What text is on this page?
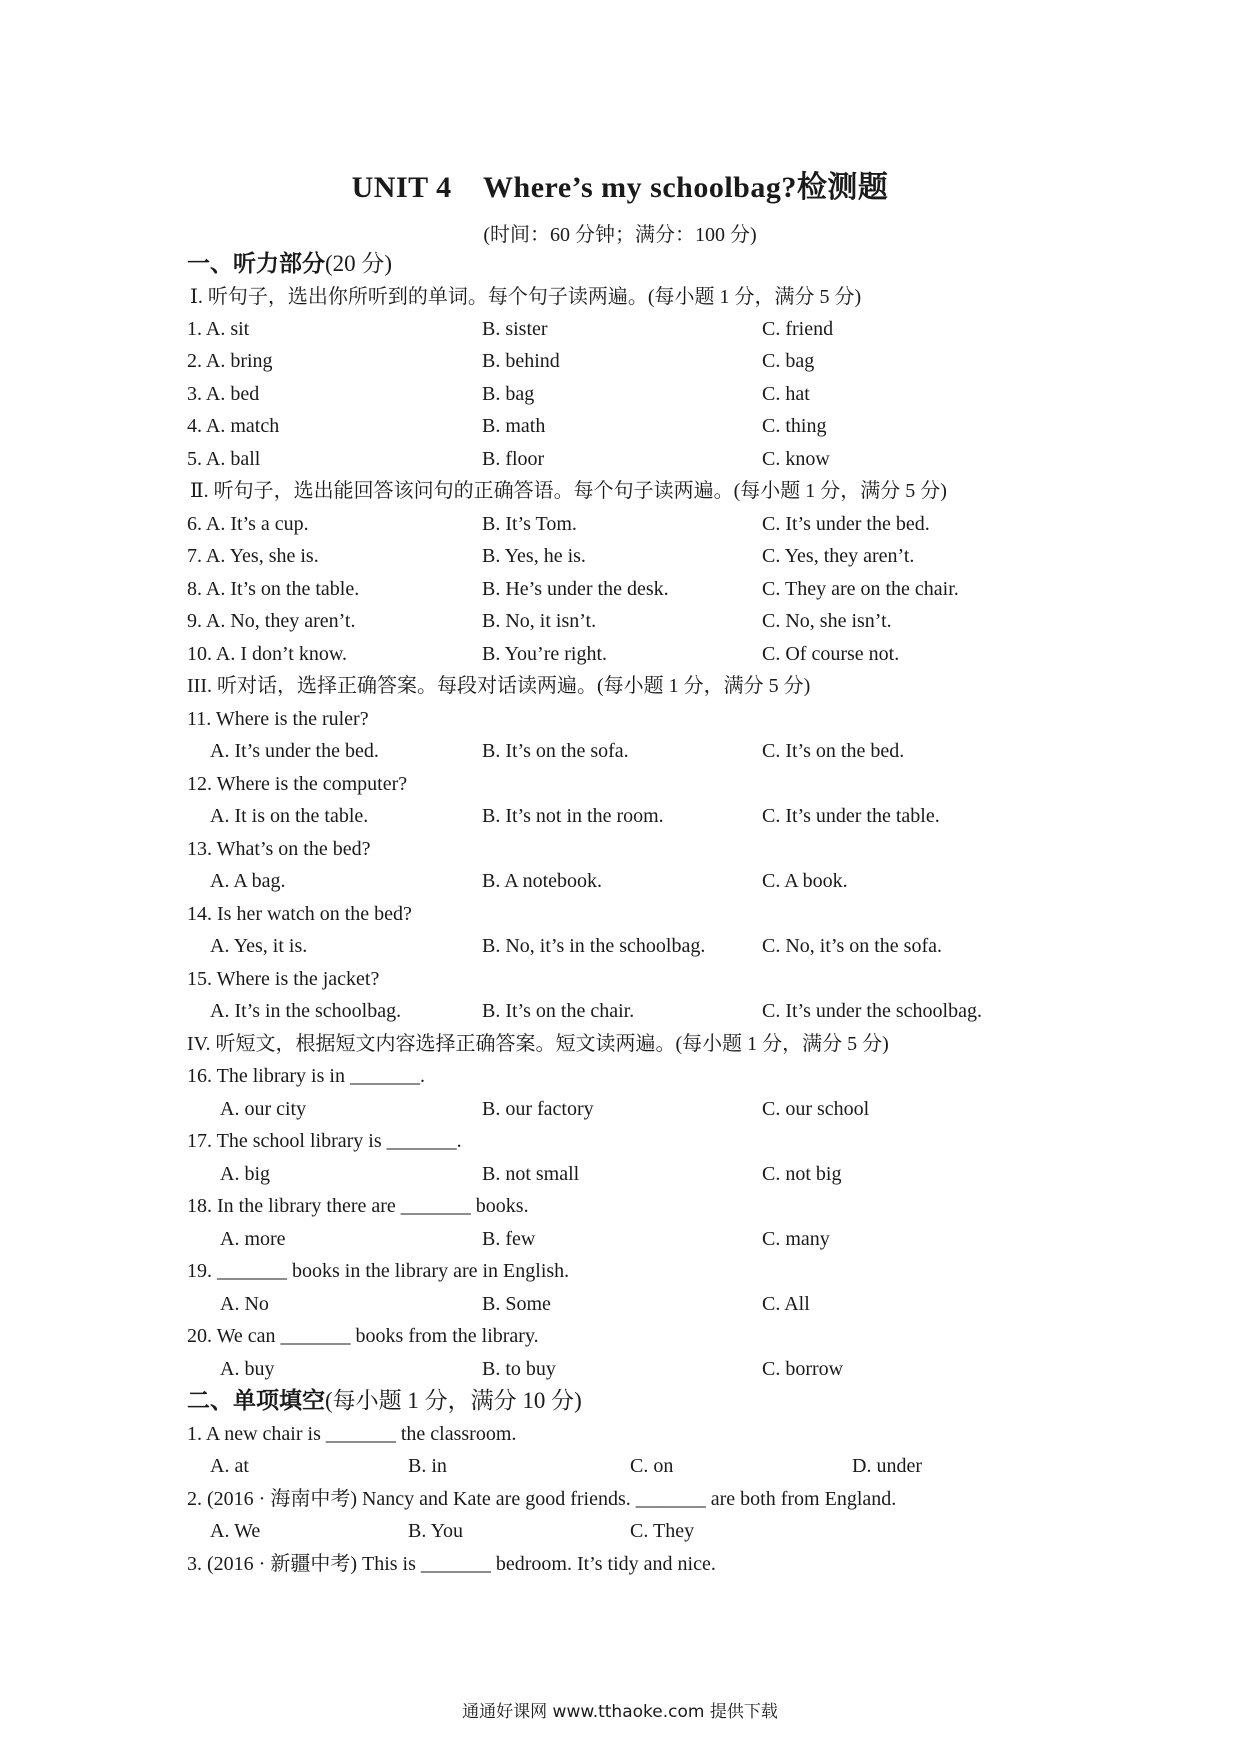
UNIT 4    Where’s my schoolbag?检测题
(时间：60 分钟；满分：100 分)
一、听力部分(20 分)
Ⅰ. 听句子，选出你所听到的单词。每个句子读两遍。(每小题 1 分，满分 5 分)
1. A. sit	B. sister	C. friend
2. A. bring	B. behind	C. bag
3. A. bed	B. bag	C. hat
4. A. match	B. math	C. thing
5. A. ball	B. floor	C. know
Ⅱ. 听句子，选出能回答该问句的正确答语。每个句子读两遍。(每小题 1 分，满分 5 分)
6. A. It’s a cup.	B. It’s Tom.	C. It’s under the bed.
7. A. Yes, she is.	B. Yes, he is.	C. Yes, they aren’t.
8. A. It’s on the table.	B. He’s under the desk.	C. They are on the chair.
9. A. No, they aren’t.	B. No, it isn’t.	C. No, she isn’t.
10. A. I don’t know.	B. You’re right.	C. Of course not.
III. 听对话，选择正确答案。每段对话读两遍。(每小题 1 分，满分 5 分)
11. Where is the ruler?
A. It’s under the bed.	B. It’s on the sofa.	C. It’s on the bed.
12. Where is the computer?
A. It is on the table.	B. It’s not in the room.	C. It’s under the table.
13. What’s on the bed?
A. A bag.	B. A notebook.	C. A book.
14. Is her watch on the bed?
A. Yes, it is.	B. No, it’s in the schoolbag.	C. No, it’s on the sofa.
15. Where is the jacket?
A. It’s in the schoolbag.	B. It’s on the chair.	C. It’s under the schoolbag.
IV. 听短文，根据短文内容选择正确答案。短文读两遍。(每小题 1 分，满分 5 分)
16. The library is in _______.
A. our city	B. our factory	C. our school
17. The school library is _______.
A. big	B. not small	C. not big
18. In the library there are _______ books.
A. more	B. few	C. many
19. _______ books in the library are in English.
A. No	B. Some	C. All
20. We can _______ books from the library.
A. buy	B. to buy	C. borrow
二、单项填空(每小题 1 分，满分 10 分)
1. A new chair is _______ the classroom.
A. at	B. in	C. on	D. under
2. (2016 · 海南中考) Nancy and Kate are good friends. _______ are both from England.
A. We	B. You	C. They
3. (2016 · 新疆中考) This is _______ bedroom. It’s tidy and nice.
通通好课网 www.tthaoke.com 提供下载
